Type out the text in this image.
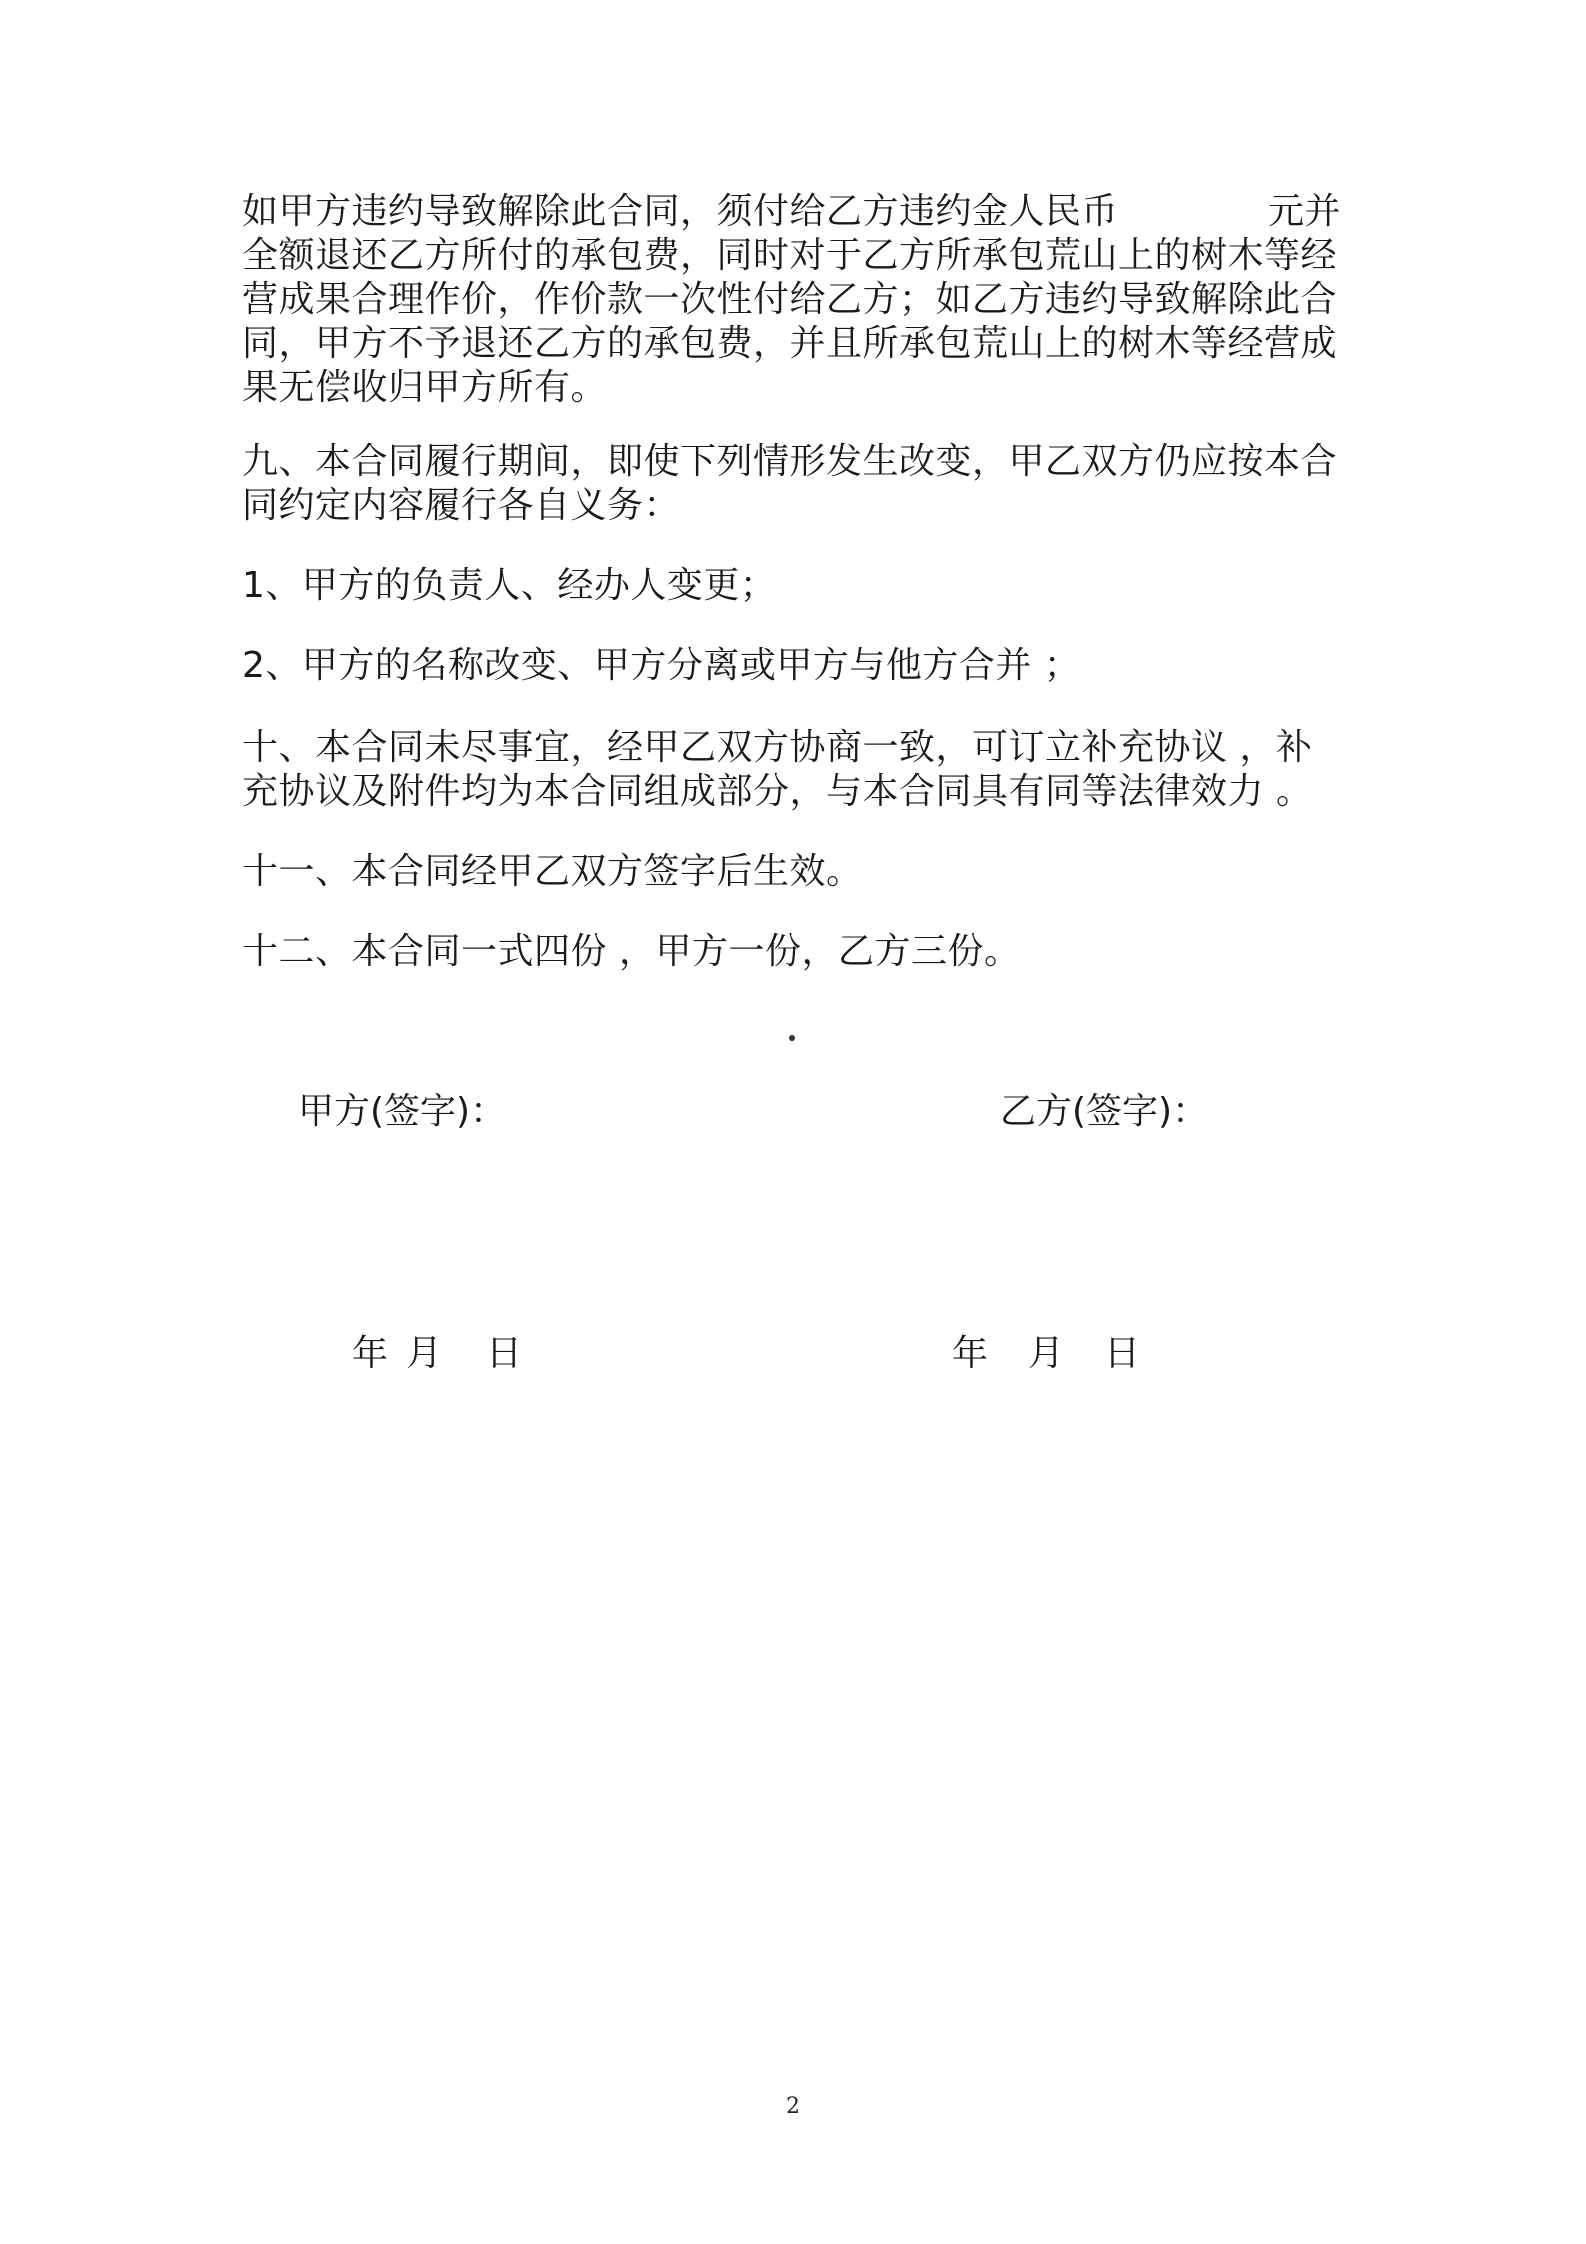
如甲方违约导致解除此合同，须付给乙方违约金人民币	元并
全额退还乙方所付的承包费，同时对于乙方所承包荒山上的树木等经
营成果合理作价，作价款一次性付给乙方；如乙方违约导致解除此合
同，甲方不予退还乙方的承包费，并且所承包荒山上的树木等经营成
果无偿收归甲方所有。
九、本合同履行期间，即使下列情形发生改变，甲乙双方仍应按本合
同约定内容履行各自义务：
1、甲方的负责人、经办人变更；
2、甲方的名称改变、甲方分离或甲方与他方合并 ；
十、本合同未尽事宜，经甲乙双方协商一致，可订立补充协议 ，补
充协议及附件均为本合同组成部分，与本合同具有同等法律效力 。
十一、本合同经甲乙双方签字后生效。
十二、本合同一式四份 ，甲方一份，乙方三份。
甲方(签字)：	乙方(签字)：
年 月 日	年 月 日
2
